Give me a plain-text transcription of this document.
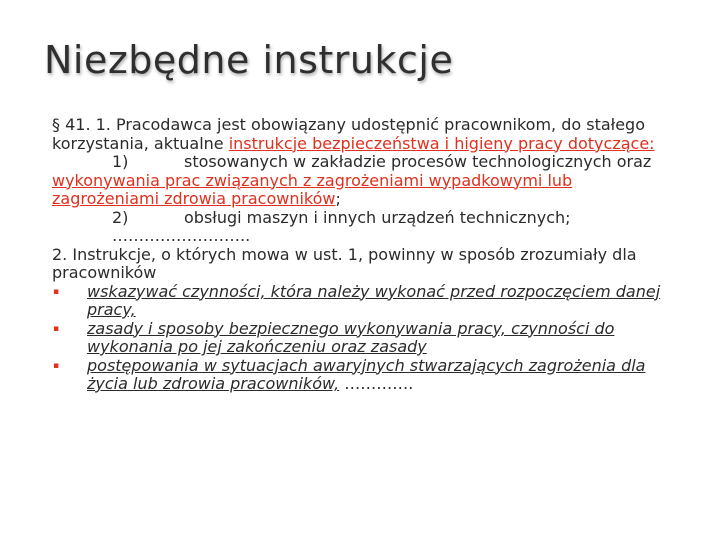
Niezbędne instrukcje

§ 41. 1. Pracodawca jest obowiązany udostępnić pracownikom, do stałego korzystania, aktualne instrukcje bezpieczeństwa i higieny pracy dotyczące:

1)	stosowanych w zakładzie procesów technologicznych oraz

wykonywania prac związanych z zagrożeniami wypadkowymi lub zagrożeniami zdrowia pracowników;

2)	obsługi maszyn i innych urządzeń technicznych;

……………………..

2. Instrukcje, o których mowa w ust. 1, powinny w sposób zrozumiały dla pracowników

▪ wskazywać czynności, która należy wykonać przed rozpoczęciem danej pracy,
▪ zasady i sposoby bezpiecznego wykonywania pracy, czynności do wykonania po jej zakończeniu oraz zasady
▪ postępowania w sytuacjach awaryjnych stwarzających zagrożenia dla życia lub zdrowia pracowników, ………….
